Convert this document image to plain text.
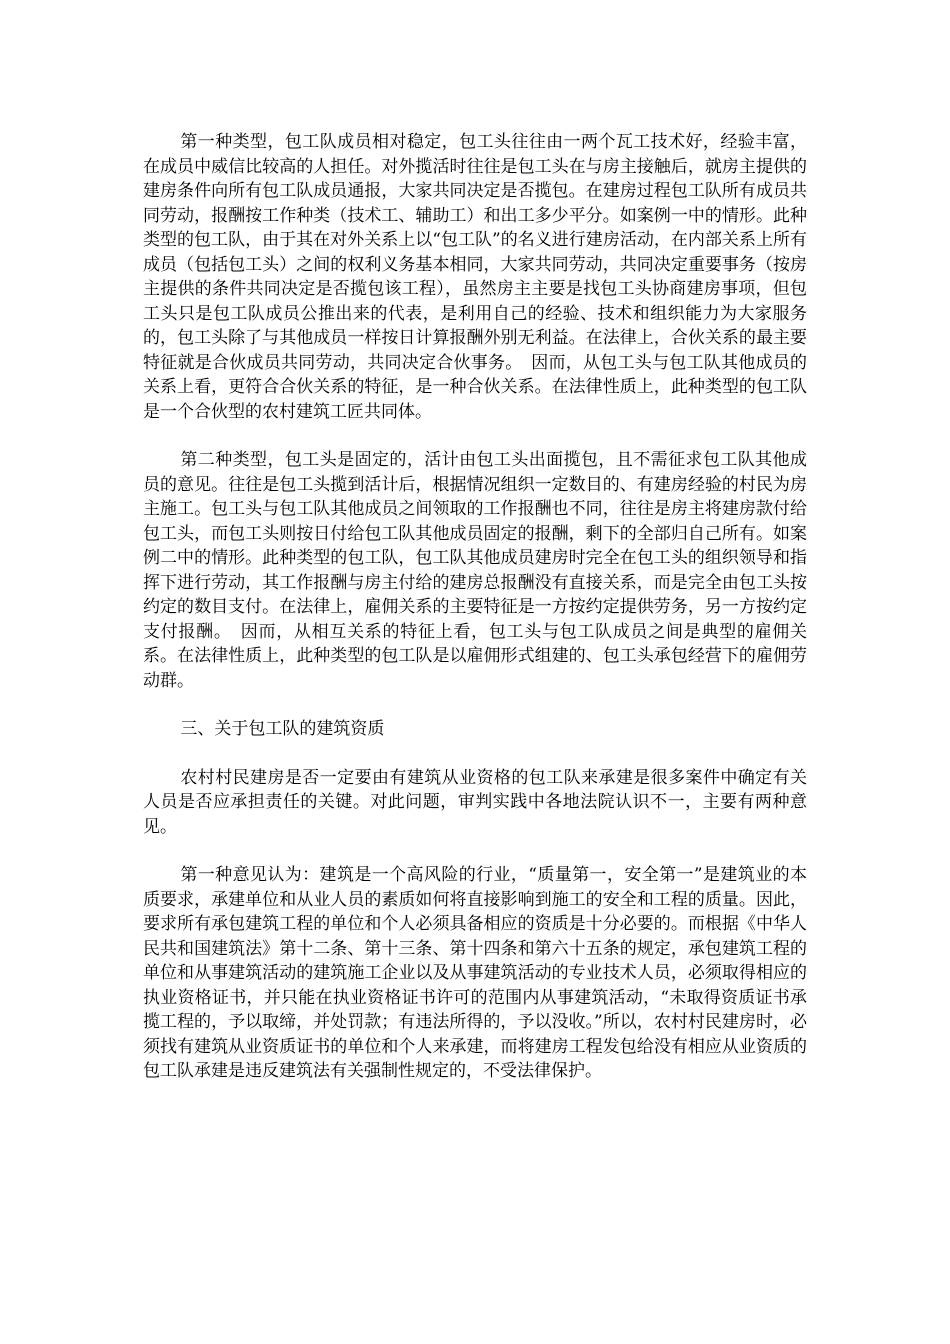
第一种类型，包工队成员相对稳定，包工头往往由一两个瓦工技术好，经验丰富，在成员中威信比较高的人担任。对外揽活时往往是包工头在与房主接触后，就房主提供的建房条件向所有包工队成员通报，大家共同决定是否揽包。在建房过程包工队所有成员共同劳动，报酬按工作种类（技术工、辅助工）和出工多少平分。如案例一中的情形。此种类型的包工队，由于其在对外关系上以“包工队”的名义进行建房活动，在内部关系上所有成员（包括包工头）之间的权利义务基本相同，大家共同劳动，共同决定重要事务（按房主提供的条件共同决定是否揽包该工程），虽然房主主要是找包工头协商建房事项，但包工头只是包工队成员公推出来的代表，是利用自己的经验、技术和组织能力为大家服务的，包工头除了与其他成员一样按日计算报酬外别无利益。在法律上，合伙关系的最主要特征就是合伙成员共同劳动，共同决定合伙事务。　因而，从包工头与包工队其他成员的关系上看，更符合合伙关系的特征，是一种合伙关系。在法律性质上，此种类型的包工队是一个合伙型的农村建筑工匠共同体。

第二种类型，包工头是固定的，活计由包工头出面揽包，且不需征求包工队其他成员的意见。往往是包工头揽到活计后，根据情况组织一定数目的、有建房经验的村民为房主施工。包工头与包工队其他成员之间领取的工作报酬也不同，往往是房主将建房款付给包工头，而包工头则按日付给包工队其他成员固定的报酬，剩下的全部归自己所有。如案例二中的情形。此种类型的包工队，包工队其他成员建房时完全在包工头的组织领导和指挥下进行劳动，其工作报酬与房主付给的建房总报酬没有直接关系，而是完全由包工头按约定的数目支付。在法律上，雇佣关系的主要特征是一方按约定提供劳务，另一方按约定支付报酬。　因而，从相互关系的特征上看，包工头与包工队成员之间是典型的雇佣关系。在法律性质上，此种类型的包工队是以雇佣形式组建的、包工头承包经营下的雇佣劳动群。

三、关于包工队的建筑资质

农村村民建房是否一定要由有建筑从业资格的包工队来承建是很多案件中确定有关人员是否应承担责任的关键。对此问题，审判实践中各地法院认识不一，主要有两种意见。

第一种意见认为：建筑是一个高风险的行业，“质量第一，安全第一”是建筑业的本质要求，承建单位和从业人员的素质如何将直接影响到施工的安全和工程的质量。因此，要求所有承包建筑工程的单位和个人必须具备相应的资质是十分必要的。而根据《中华人民共和国建筑法》第十二条、第十三条、第十四条和第六十五条的规定，承包建筑工程的单位和从事建筑活动的建筑施工企业以及从事建筑活动的专业技术人员，必须取得相应的执业资格证书，并只能在执业资格证书许可的范围内从事建筑活动，“未取得资质证书承揽工程的，予以取缔，并处罚款；有违法所得的，予以没收。”所以，农村村民建房时，必须找有建筑从业资质证书的单位和个人来承建，而将建房工程发包给没有相应从业资质的包工队承建是违反建筑法有关强制性规定的，不受法律保护。
